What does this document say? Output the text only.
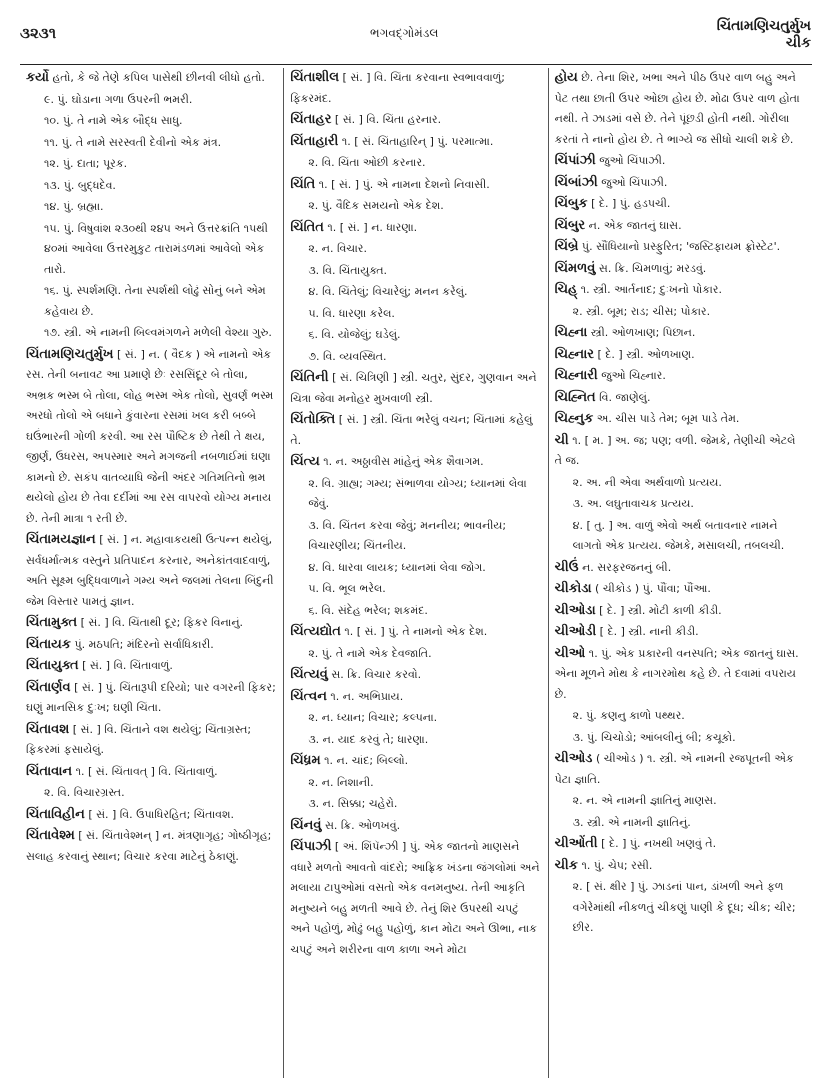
૩૨૩૧	ભગવદ્ગોમંડલ	ચિંતામણિચતુર્મુખ
ચીક

કર્યો હતો, કે જે તેણે કપિલ પાસેથી છીનવી લીધો હતો.

૯. પું. ઘોડાના ગળા ઉપરની ભમરી.

૧૦. પું. તે નામે એક બૌદ્ધ સાધુ.

૧૧. પું. તે નામે સરસ્વતી દેવીનો એક મંત્ર.

૧૨. પું. દાતા; પૂરક.

૧૩. પું. બુદ્ધદેવ.

૧૪. પું. બ્રહ્મા.

૧૫. પું. વિષુવાંશ ૨૩૦થી ૨૪૫ અને ઉત્તરક્રાંતિ ૧૫થી ૪૦માં આવેલા ઉત્તરમુકુટ તારામંડળમાં આવેલો એક તારો.

૧૬. પું. સ્પર્શમણિ. તેના સ્પર્શથી લોઢું સોનું બને એમ કહેવાય છે.

૧૭. સ્ત્રી. એ નામની બિલ્વમંગળને મળેલી વેશ્યા ગુરુ.

ચિંતામણિચતુર્મુખ [ સં. ] ન. ( વૈદક ) એ નામનો એક રસ. તેની બનાવટ આ પ્રમાણે છેઃ રસસિંદૂર બે તોલા, અભ્રક ભસ્મ બે તોલા, લોહ ભસ્મ એક તોલો, સુવર્ણ ભસ્મ અરધો તોલો એ બધાને કુંવારના રસમાં ખલ કરી બબ્બે ઘઉંભારની ગોળી કરવી. આ રસ પૌષ્ટિક છે તેથી તે ક્ષય, જીર્ણ, ઉધરસ, અપસ્માર અને મગજની નબળાઈમાં ઘણા કામનો છે. સકંપ વાતવ્યાધિ જેની અંદર ગતિમતિનો ભ્રમ થયેલો હોય છે તેવા દર્દીમાં આ રસ વાપરવો યોગ્ય મનાય છે. તેની માત્રા ૧ રતી છે.

ચિંતામયજ્ઞાન [ સં. ] ન. મહાવાકયથી ઉત્પન્ન થયેલું, સર્વધર્માત્મક વસ્તુને પ્રતિપાદન કરનાર, અનેકાંતવાદવાળું, અતિ સૂક્ષ્મ બુદ્ધિવાળાને ગમ્ય અને જલમાં તેલના બિંદુની જેમ વિસ્તાર પામતું જ્ઞાન.

ચિંતામુક્ત [ સં. ] વિ. ચિંતાથી દૂર; ફિકર વિનાનું.

ચિંતાયક પું. મઠપતિ; મંદિરનો સર્વાધિકારી.

ચિંતાયુક્ત [ સં. ] વિ. ચિંતાવાળું.

ચિંતાર્ણવ [ સં. ] પું. ચિંતારૂપી દરિયો; પાર વગરની ફિકર; ઘણું માનસિક દુઃખ; ઘણી ચિંતા.

ચિંતાવશ [ સં. ] વિ. ચિંતાને વશ થયેલું; ચિંતાગ્રસ્ત; ફિકરમાં ફસાયેલું.

ચિંતાવાન ૧. [ સં. ચિંતાવત્ ] વિ. ચિંતાવાળું.

૨. વિ. વિચારગ્રસ્ત.

ચિંતાવિહીન [ સં. ] વિ. ઉપાધિરહિત; ચિંતાવશ.

ચિંતાવેશ્મ [ સં. ચિંતાવેશ્મન્ ] ન. મંત્રણાગૃહ; ગોષ્ઠીગૃહ; સલાહ કરવાનું સ્થાન; વિચાર કરવા માટેનું ઠેકાણું.

ચિંતાશીલ [ સં. ] વિ. ચિંતા કરવાના સ્વભાવવાળું; ફિકરમંદ.

ચિંતાહર [ સં. ] વિ. ચિંતા હરનાર.

ચિંતાહારી ૧. [ સં. ચિંતાહારિન્ ] પું. પરમાત્મા.

૨. વિ. ચિંતા ઓછી કરનાર.

ચિંતિ ૧. [ સં. ] પું. એ નામના દેશનો નિવાસી.

૨. પું. વૈદિક સમયનો એક દેશ.

ચિંતિત ૧. [ સં. ] ન. ધારણા.

૨. ન. વિચાર.

૩. વિ. ચિંતાયુક્ત.

૪. વિ. ચિંતેલું; વિચારેલું; મનન કરેલું.

૫. વિ. ધારણા કરેલ.

૬. વિ. યોજેલું; ઘડેલું.

૭. વિ. વ્યવસ્થિત.

ચિંતિની [ સં. ચિત્રિણી ] સ્ત્રી. ચતુર, સુંદર, ગુણવાન અને ચિત્રા જેવા મનોહર મુખવાળી સ્ત્રી.

ચિંતોક્તિ [ સં. ] સ્ત્રી. ચિંતા ભરેલું વચન; ચિંતામાં કહેલું તે.

ચિંત્ય ૧. ન. અઠ્ઠાવીસ માંહેનું એક શૈવાગમ.

૨. વિ. ગ્રાહ્ય; ગમ્ય; સંભાળવા યોગ્ય; ધ્યાનમાં લેવા જેવું.

૩. વિ. ચિંતન કરવા જેવું; મનનીય; ભાવનીય; વિચારણીય; ચિંતનીય.

૪. વિ. ધારવા લાયક; ધ્યાનમાં લેવા જોગ.

૫. વિ. ભૂલ ભરેલ.

૬. વિ. સંદેહ ભરેલ; શકમંદ.

ચિંત્યદ્યોત ૧. [ સં. ] પું. તે નામનો એક દેશ.

૨. પું. તે નામે એક દેવજાતિ.

ચિંત્યવું સ. ક્રિ. વિચાર કરવો.

ચિંત્વન ૧. ન. અભિપ્રાય.

૨. ન. ધ્યાન; વિચાર; કલ્પના.

૩. ન. યાદ કરવું તે; ધારણા.

ચિંધ્રમ ૧. ન. ચાંદ; બિલ્લો.

૨. ન. નિશાની.

૩. ન. સિક્કા; ચહેરો.

ચિંનવું સ. ક્રિ. ઓળખવું.

ચિંપાઝી [ અં. શિંપૅન્ઝી ] પું. એક જાતનો માણસને વધારે મળતો આવતો વાંદરો; આફ્રિક ખંડના જંગલોમાં અને મલાયા ટાપુઓમાં વસતો એક વનમનુષ્ય. તેની આકૃતિ મનુષ્યને બહુ મળતી આવે છે. તેનું શિર ઉપરથી ચપટું અને પહોળું, મોઢું બહુ પહોળું, કાન મોટા અને ઊભા, નાક ચપટું અને શરીરના વાળ કાળા અને મોટા

હોય છે. તેના શિર, ખભા અને પીઠ ઉપર વાળ બહુ અને પેટ તથા છાતી ઉપર ઓછા હોય છે. મોઢા ઉપર વાળ હોતા નથી. તે ઝાડમાં વસે છે. તેને પૂંછડી હોતી નથી. ગોરીલા કરતાં તે નાનો હોય છે. તે ભાગ્યે જ સીધો ચાલી શકે છે.

ચિંપાંઝી જુઓ ચિંપાઝી.

ચિંબાંઝી જુઓ ચિંપાઝી.

ચિંબુક [ દે. ] પું. હડપચી.

ચિંબુર ન. એક જાતનું ઘાસ.

ચિંબ્રે પું. સૌંધિયાનો પ્રસ્ફુરિત; 'જસ્ટિફાયમ ફ્રોસ્ટેટ'.

ચિંમળવું સ. ક્રિ. ચિમળાવું; મરડવું.

ચિહ્ ૧. સ્ત્રી. આર્તનાદ; દુઃખનો પોકાર.

૨. સ્ત્રી. બૂમ; રાડ; ચીસ; પોકાર.

ચિહ્ના સ્ત્રી. ઓળખાણ; પિછાન.

ચિહ્નાર [ દે. ] સ્ત્રી. ઓળખાણ.

ચિહ્નારી જુઓ ચિહ્નાર.

ચિહ્નિત વિ. જાણેલું.

ચિહ્નુક અ. ચીસ પાડે તેમ; બૂમ પાડે તેમ.

ચી ૧. [ મ. ] અ. જ; પણ; વળી. જેમકે, તેણીચી એટલે તે જ.

૨. અ. ની એવા અર્થવાળો પ્રત્યય.

૩. અ. લઘુતાવાચક પ્રત્યય.

૪. [ તુ. ] અ. વાળું એવો અર્થ બતાવનાર નામને લાગતો એક પ્રત્યય. જેમકે, મસાલચી, તબલચી.

ચીઉં ન. સરફરજનનું બી.

ચીકોડા ( ચીકોડ ) પું. પૌંવા; પૌંઆ.

ચીઓડા [ દે. ] સ્ત્રી. મોટી કાળી કીડી.

ચીઓડી [ દે. ] સ્ત્રી. નાની કીડી.

ચીઓ ૧. પું. એક પ્રકારની વનસ્પતિ; એક જાતનું ઘાસ. એના મૂળને મોથ કે નાગરમોથ કહે છે. તે દવામાં વપરાય છે.

૨. પું. કણનુ કાળો પથ્થર.

૩. પું. ચિચોડો; આંબલીનું બી; કચૂકો.

ચીઓડ ( ચીઓડ ) ૧. સ્ત્રી. એ નામની રજપૂતની એક પેટા જ્ઞાતિ.

૨. ન. એ નામની જ્ઞાતિનું માણસ.

૩. સ્ત્રી. એ નામની જ્ઞાતિનું.

ચીઓંતી [ દે. ] પું. નખથી ખણવું તે.

ચીક ૧. પું. ચેપ; રસી.

૨. [ સં. ક્ષીર ] પું. ઝાડનાં પાન, ડાંખળી અને ફળ વગેરેમાંથી નીકળતું ચીકણું પાણી કે દૂધ; ચીક; ચીર; છીર.
